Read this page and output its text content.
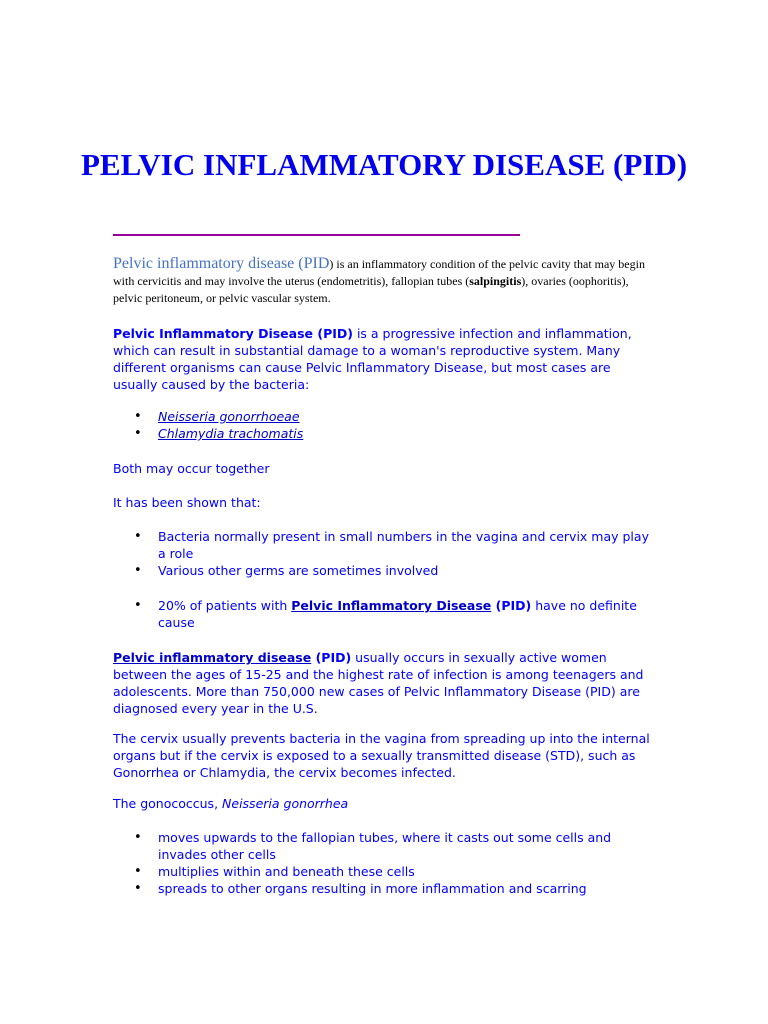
PELVIC INFLAMMATORY DISEASE (PID)

Pelvic inflammatory disease (PID) is an inflammatory condition of the pelvic cavity that may begin with cervicitis and may involve the uterus (endometritis), fallopian tubes (salpingitis), ovaries (oophoritis), pelvic peritoneum, or pelvic vascular system.

Pelvic Inflammatory Disease (PID) is a progressive infection and inflammation, which can result in substantial damage to a woman's reproductive system. Many different organisms can cause Pelvic Inflammatory Disease, but most cases are usually caused by the bacteria:

• Neisseria gonorrhoeae
• Chlamydia trachomatis

Both may occur together

It has been shown that:

• Bacteria normally present in small numbers in the vagina and cervix may play a role
• Various other germs are sometimes involved
• 20% of patients with Pelvic Inflammatory Disease (PID) have no definite cause

Pelvic inflammatory disease (PID) usually occurs in sexually active women between the ages of 15-25 and the highest rate of infection is among teenagers and adolescents. More than 750,000 new cases of Pelvic Inflammatory Disease (PID) are diagnosed every year in the U.S.

The cervix usually prevents bacteria in the vagina from spreading up into the internal organs but if the cervix is exposed to a sexually transmitted disease (STD), such as Gonorrhea or Chlamydia, the cervix becomes infected.

The gonococcus, Neisseria gonorrhea

• moves upwards to the fallopian tubes, where it casts out some cells and invades other cells
• multiplies within and beneath these cells
• spreads to other organs resulting in more inflammation and scarring
